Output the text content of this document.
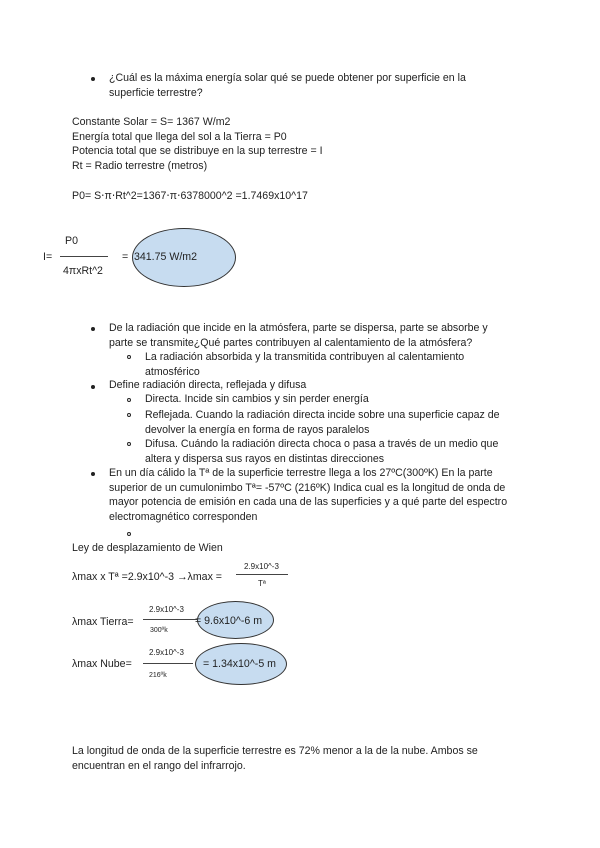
¿Cuál es la máxima energía solar qué se puede obtener por superficie en la
superficie terrestre?
Constante Solar = S= 1367 W/m2
Energía total que llega del sol a la Tierra = P0
Potencia total que se distribuye en la sup terrestre = I
Rt = Radio terrestre (metros)
P0= S⋅π⋅Rt^2=1367⋅π⋅6378000^2 =1.7469x10^17
I=
P0
4πxRt^2
= 341.75 W/m2
De la radiación que incide en la atmósfera, parte se dispersa, parte se absorbe y
parte se transmite¿Qué partes contribuyen al calentamiento de la atmósfera?
La radiación absorbida y la transmitida contribuyen al calentamiento
atmosférico
Define radiación directa, reflejada y difusa
Directa. Incide sin cambios y sin perder energía
Reflejada. Cuando la radiación directa incide sobre una superficie capaz de
devolver la energía en forma de rayos paralelos
Difusa. Cuándo la radiación directa choca o pasa a través de un medio que
altera y dispersa sus rayos en distintas direcciones
En un día cálido la Tª de la superficie terrestre llega a los 27ºC(300ºK) En la parte
superior de un cumulonimbo Tª= -57ºC (216ºK) Indica cual es la longitud de onda de
mayor potencia de emisión en cada una de las superficies y a qué parte del espectro
electromagnético corresponden
Ley de desplazamiento de Wien
λmax x Tª =2.9x10^-3 →λmax =
2.9x10^-3
Tª
λmax Tierra=
2.9x10^-3
300ºk
= 9.6x10^-6 m
λmax Nube=
2.9x10^-3
216ºk
= 1.34x10^-5 m
La longitud de onda de la superficie terrestre es 72% menor a la de la nube. Ambos se
encuentran en el rango del infrarrojo.
